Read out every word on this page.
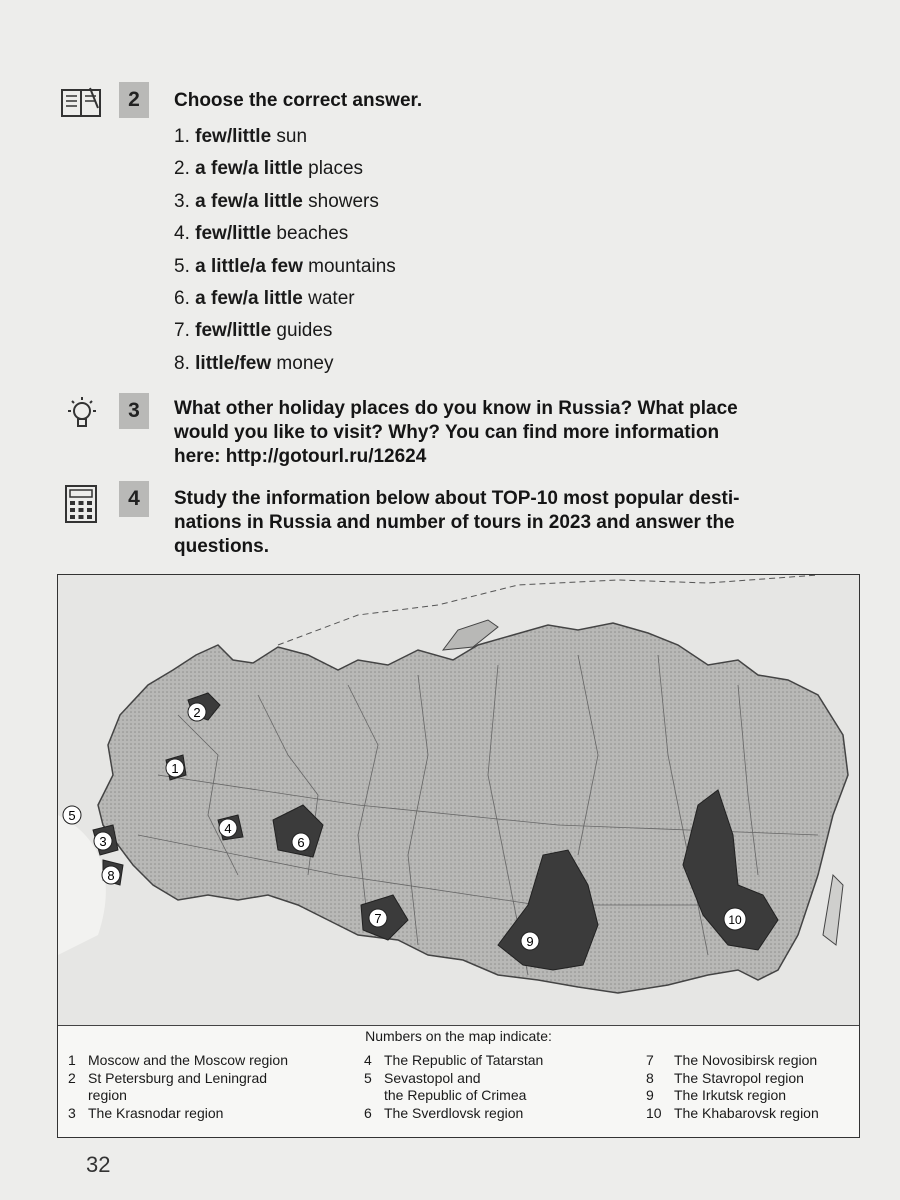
2	Choose the correct answer.
1. few/little sun
2. a few/a little places
3. a few/a little showers
4. few/little beaches
5. a little/a few mountains
6. a few/a little water
7. few/little guides
8. little/few money
3	What other holiday places do you know in Russia? What place
would you like to visit? Why? You can find more information
here: http://gotourl.ru/12624
4	Study the information below about TOP-10 most popular desti-
nations in Russia and number of tours in 2023 and answer the
questions.
1
2
3
4
5
6
7
8
9
10
Numbers on the map indicate:
1 Moscow and the Moscow region
2 St Petersburg and Leningrad
region
3 The Krasnodar region
4 The Republic of Tatarstan
5 Sevastopol and
the Republic of Crimea
6 The Sverdlovsk region
7 The Novosibirsk region
8 The Stavropol region
9 The Irkutsk region
10 The Khabarovsk region
32
